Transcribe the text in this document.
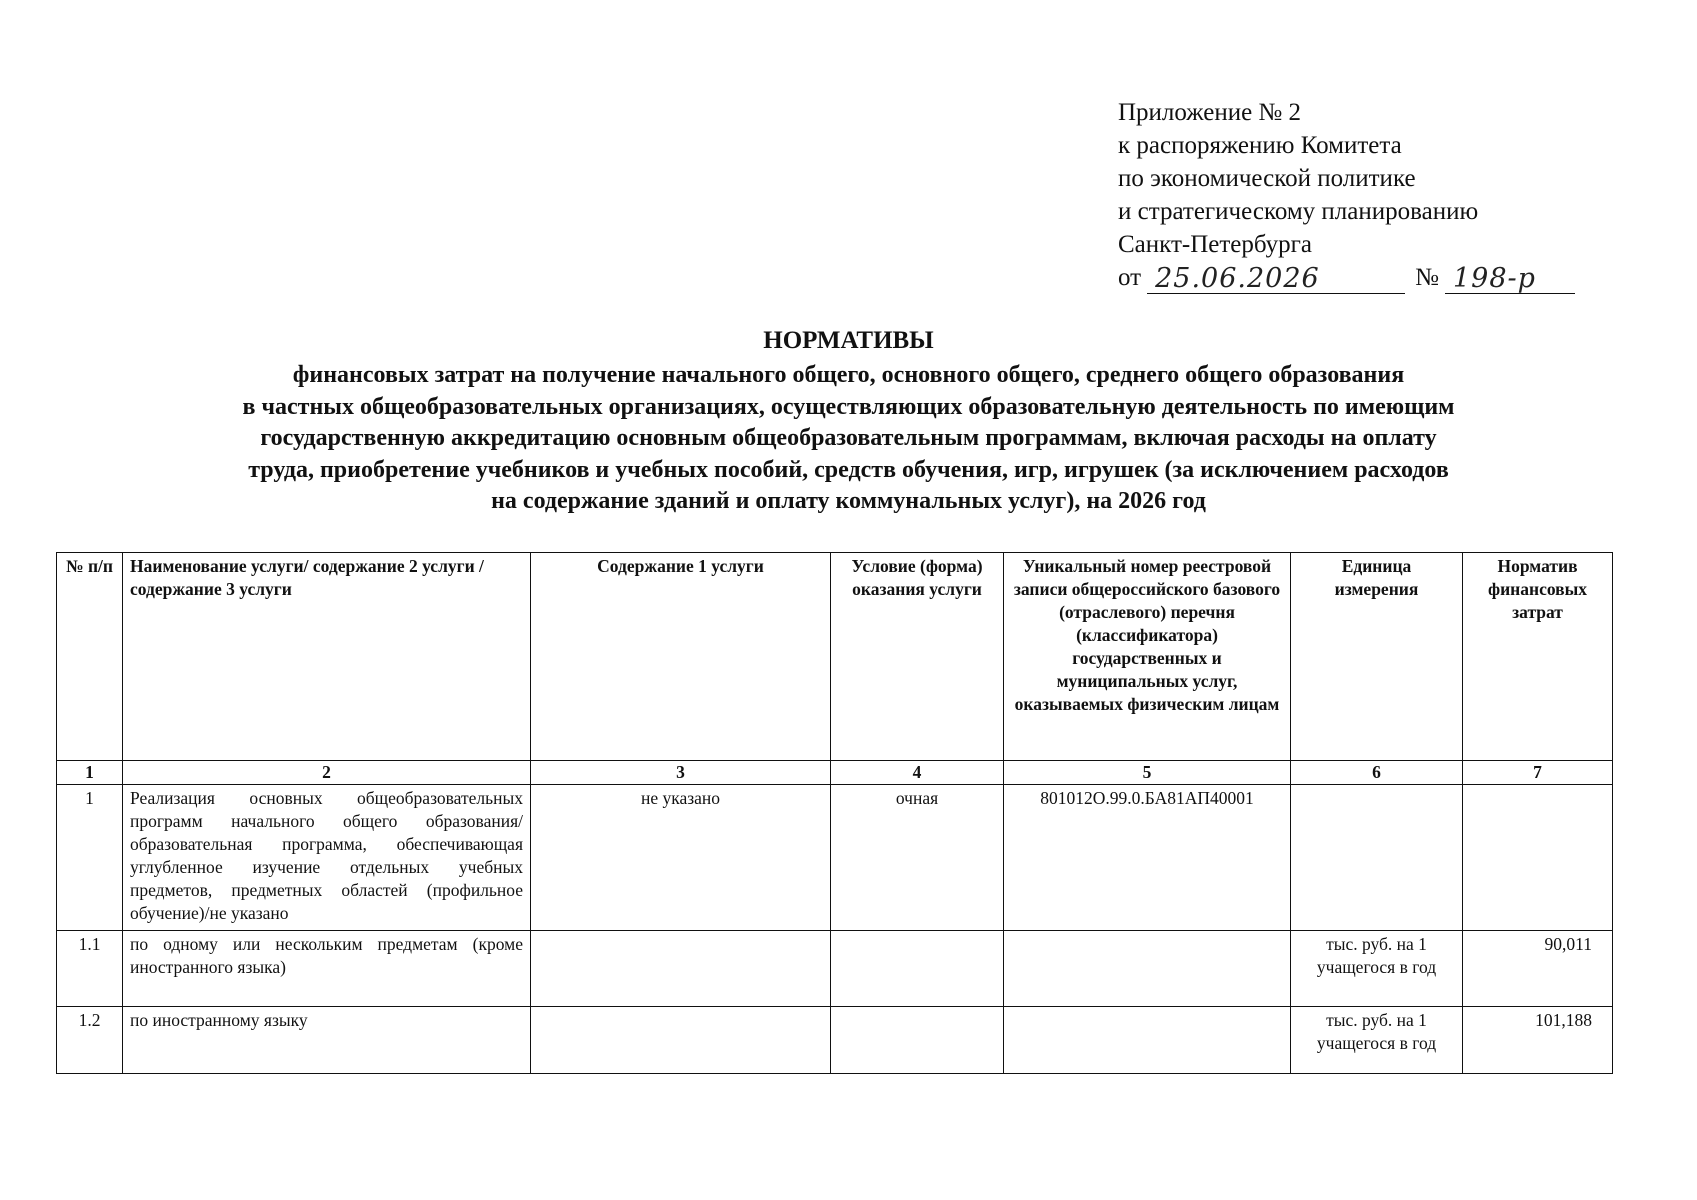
Приложение № 2
к распоряжению Комитета
по экономической политике
и стратегическому планированию
Санкт-Петербурга
от 25.06.2026	№ 198-р
НОРМАТИВЫ
финансовых затрат на получение начального общего, основного общего, среднего общего образования
в частных общеобразовательных организациях, осуществляющих образовательную деятельность по имеющим
государственную аккредитацию основным общеобразовательным программам, включая расходы на оплату
труда, приобретение учебников и учебных пособий, средств обучения, игр, игрушек (за исключением расходов
на содержание зданий и оплату коммунальных услуг), на 2026 год
№ п/п	Наименование услуги/ содержание 2 услуги / содержание 3 услуги	Содержание 1 услуги	Условие (форма) оказания услуги	Уникальный номер реестровой записи общероссийского базового (отраслевого) перечня (классификатора) государственных и муниципальных услуг, оказываемых физическим лицам	Единица измерения	Норматив финансовых затрат
1	2	3	4	5	6	7
1	Реализация основных общеобразовательных программ начального общего образования/образовательная программа, обеспечивающая углубленное изучение отдельных учебных предметов, предметных областей (профильное обучение)/не указано	не указано	очная	801012О.99.0.БА81АП40001		
1.1	по одному или нескольким предметам (кроме иностранного языка)				тыс. руб. на 1 учащегося в год	90,011
1.2	по иностранному языку				тыс. руб. на 1 учащегося в год	101,188
